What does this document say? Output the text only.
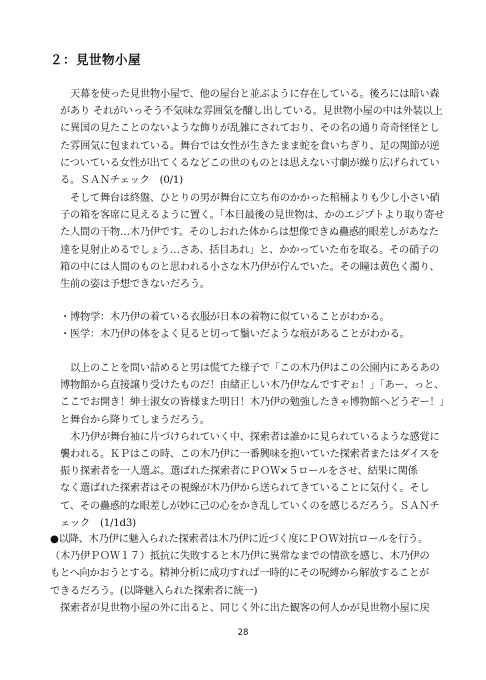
２：見世物小屋

　天幕を使った見世物小屋で、他の屋台と並ぶように存在している。後ろには暗い森

があり それがいっそう不気味な雰囲気を醸し出している。見世物小屋の中は外装以上

に異国の見たことのないような飾りが乱雑にされており、その名の通り奇奇怪怪とし

た雰囲気に包まれている。舞台では女性が生きたまま蛇を食いちぎり、足の関節が逆

についている女性が出てくるなどこの世のものとは思えない寸劇が繰り広げられてい

る。ＳＡＮチェック　(0/1)

　そして舞台は終盤、ひとりの男が舞台に立ち布のかかった棺桶よりも少し小さい硝

子の箱を客席に見えるように置く。「本日最後の見世物は、かのエジプトより取り寄せ

た人間の干物…木乃伊です。そのしおれた体からは想像できぬ蠱惑的眼差しがあなた

達を見射止めるでしょう…さあ、括目あれ」と、かかっていた布を取る。その硝子の

箱の中には人間のものと思われる小さな木乃伊が佇んでいた。その瞳は黄色く濁り、

生前の姿は予想できないだろう。

・博物学：木乃伊の着ている衣服が日本の着物に似ていることがわかる。

・医学：木乃伊の体をよく見ると切って鬚いだような痕があることがわかる。

　以上のことを問い詰めると男は慌てた様子で「この木乃伊はこの公園内にあるあの

博物館から直接譲り受けたものだ！由緒正しい木乃伊なんですぞぉ！」「あー、っと、

ここでお開き！紳士淑女の皆様また明日！木乃伊の勉強したきゃ博物館へどうぞー！」

と舞台から降りてしまうだろう。

　木乃伊が舞台袖に片づけられていく中、探索者は誰かに見られているような感覚に

襲われる。ＫＰはこの時、この木乃伊に一番興味を抱いていた探索者またはダイスを

振り探索者を一人選ぶ。選ばれた探索者にＰＯＷ×５ロールをさせ、結果に関係

なく選ばれた探索者はその視線が木乃伊から送られてきていることに気付く。そし

て、その蠱惑的な眼差しが妙に己の心をかき乱していくのを感じるだろう。ＳＡＮチ

ェック　(1/1d3)

●以降、木乃伊に魅入られた探索者は木乃伊に近づく度にＰＯＷ対抗ロールを行う。

（木乃伊ＰＯＷ１７）抵抗に失敗すると木乃伊に異常なまでの情欲を感じ、木乃伊の

もとへ向かおうとする。精神分析に成功すれば一時的にその呪縛から解放することが

できるだろう。(以降魅入られた探索者に統一)

　探索者が見世物小屋の外に出ると、同じく外に出た観客の何人かが見世物小屋に戻

28
